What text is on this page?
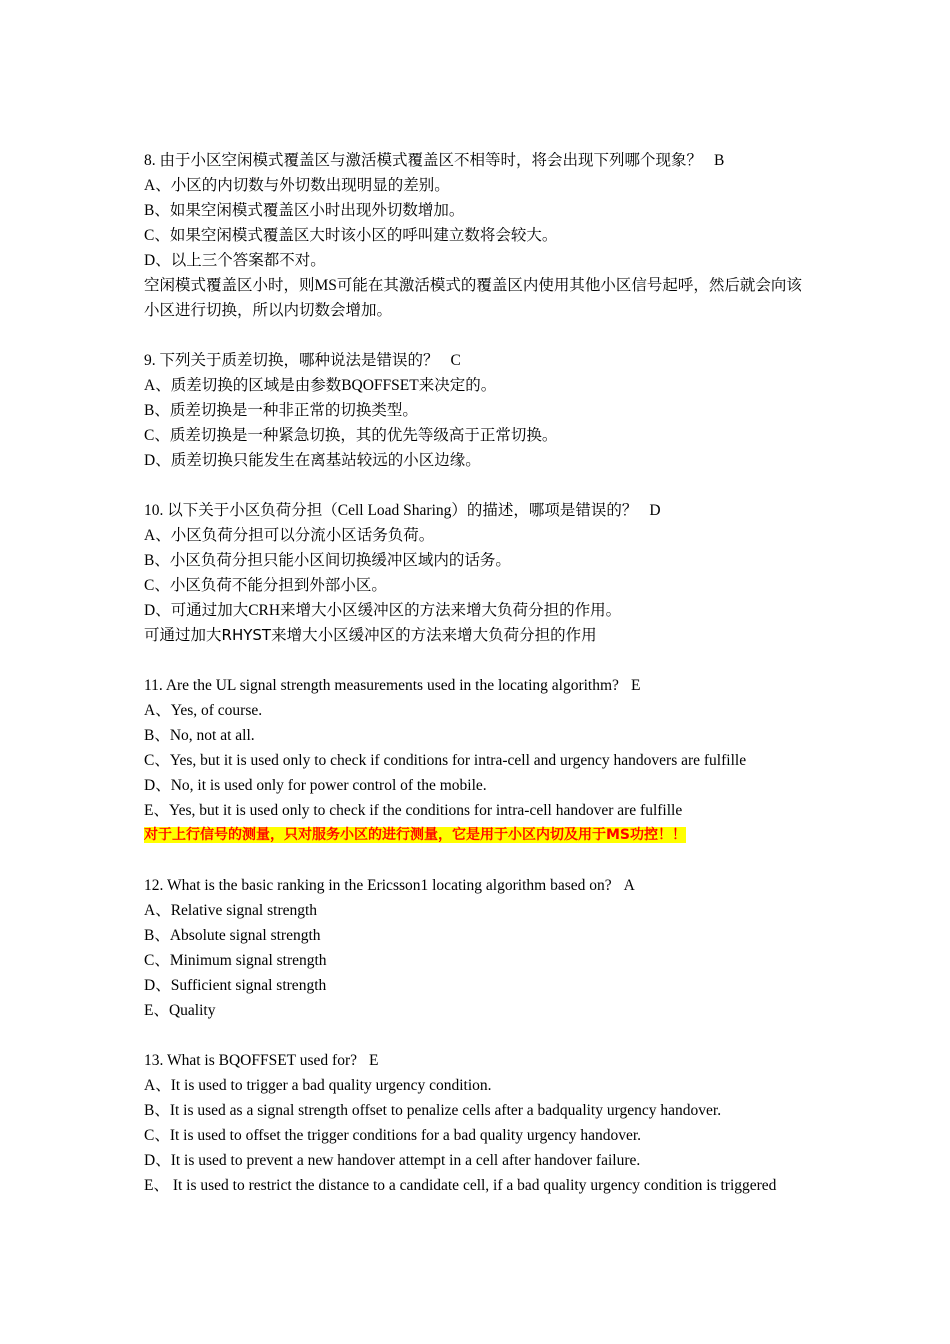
8. 由于小区空闲模式覆盖区与激活模式覆盖区不相等时，将会出现下列哪个现象？ B
A、小区的内切数与外切数出现明显的差别。
B、如果空闲模式覆盖区小时出现外切数增加。
C、如果空闲模式覆盖区大时该小区的呼叫建立数将会较大。
D、以上三个答案都不对。
空闲模式覆盖区小时，则MS可能在其激活模式的覆盖区内使用其他小区信号起呼，然后就会向该小区进行切换，所以内切数会增加。
9. 下列关于质差切换，哪种说法是错误的？ C
A、质差切换的区域是由参数BQOFFSET来决定的。
B、质差切换是一种非正常的切换类型。
C、质差切换是一种紧急切换，其的优先等级高于正常切换。
D、质差切换只能发生在离基站较远的小区边缘。
10. 以下关于小区负荷分担（Cell Load Sharing）的描述，哪项是错误的？ D
A、小区负荷分担可以分流小区话务负荷。
B、小区负荷分担只能小区间切换缓冲区域内的话务。
C、小区负荷不能分担到外部小区。
D、可通过加大CRH来增大小区缓冲区的方法来增大负荷分担的作用。
可通过加大RHYST来增大小区缓冲区的方法来增大负荷分担的作用
11. Are the UL signal strength measurements used in the locating algorithm? E
A、Yes, of course.
B、No, not at all.
C、Yes, but it is used only to check if conditions for intra-cell and urgency handovers are fulfille
D、No, it is used only for power control of the mobile.
E、Yes, but it is used only to check if the conditions for intra-cell handover are fulfille
对于上行信号的测量，只对服务小区的进行测量，它是用于小区内切及用于MS功控！！
12. What is the basic ranking in the Ericsson1 locating algorithm based on? A
A、Relative signal strength
B、Absolute signal strength
C、Minimum signal strength
D、Sufficient signal strength
E、Quality
13. What is BQOFFSET used for? E
A、It is used to trigger a bad quality urgency condition.
B、It is used as a signal strength offset to penalize cells after a badquality urgency handover.
C、It is used to offset the trigger conditions for a bad quality urgency handover.
D、It is used to prevent a new handover attempt in a cell after handover failure.
E、 It is used to restrict the distance to a candidate cell, if a bad quality urgency condition is triggered
